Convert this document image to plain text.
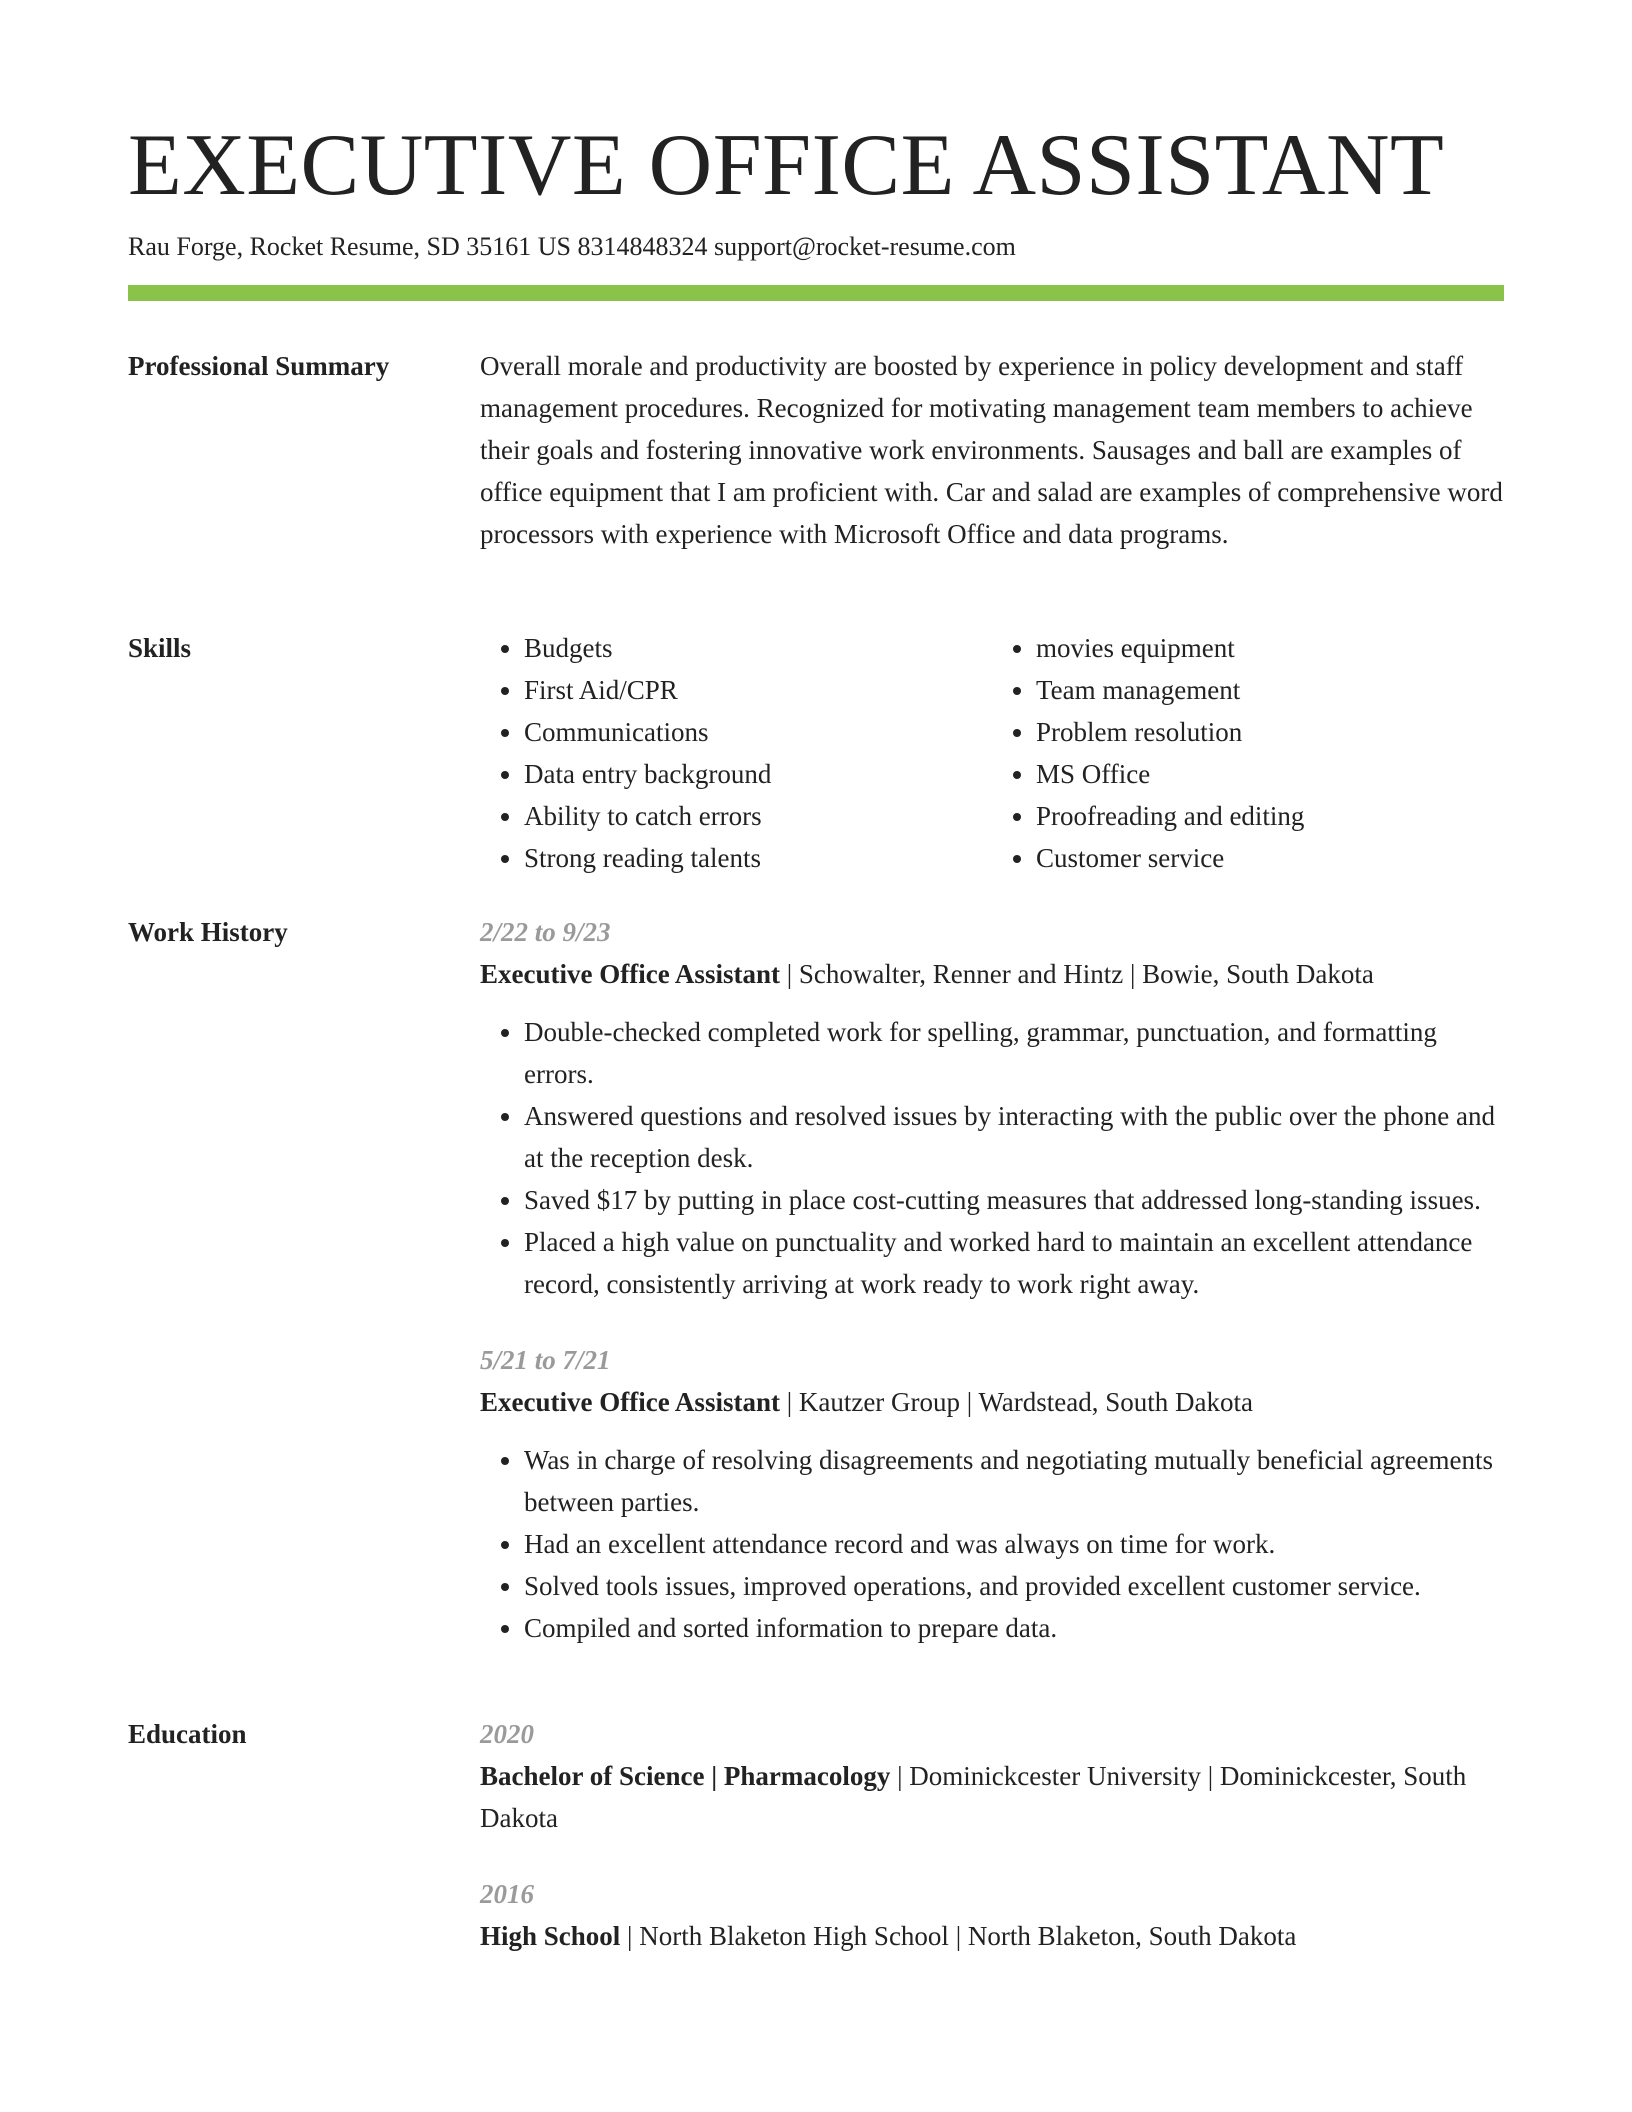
EXECUTIVE OFFICE ASSISTANT
Rau Forge, Rocket Resume, SD 35161 US 8314848324 support@rocket-resume.com
Professional Summary	Overall morale and productivity are boosted by experience in policy development and staff management procedures. Recognized for motivating management team members to achieve their goals and fostering innovative work environments. Sausages and ball are examples of office equipment that I am proficient with. Car and salad are examples of comprehensive word processors with experience with Microsoft Office and data programs.

Skills	• Budgets
• First Aid/CPR
• Communications
• Data entry background
• Ability to catch errors
• Strong reading talents
• movies equipment
• Team management
• Problem resolution
• MS Office
• Proofreading and editing
• Customer service
Work History	2/22 to 9/23
Executive Office Assistant | Schowalter, Renner and Hintz | Bowie, South Dakota
• Double-checked completed work for spelling, grammar, punctuation, and formatting errors.
• Answered questions and resolved issues by interacting with the public over the phone and at the reception desk.
• Saved $17 by putting in place cost-cutting measures that addressed long-standing issues.
• Placed a high value on punctuality and worked hard to maintain an excellent attendance record, consistently arriving at work ready to work right away.
5/21 to 7/21
Executive Office Assistant | Kautzer Group | Wardstead, South Dakota
• Was in charge of resolving disagreements and negotiating mutually beneficial agreements between parties.
• Had an excellent attendance record and was always on time for work.
• Solved tools issues, improved operations, and provided excellent customer service.
• Compiled and sorted information to prepare data.
Education	2020
Bachelor of Science | Pharmacology | Dominickcester University | Dominickcester, South Dakota
2016
High School | North Blaketon High School | North Blaketon, South Dakota
